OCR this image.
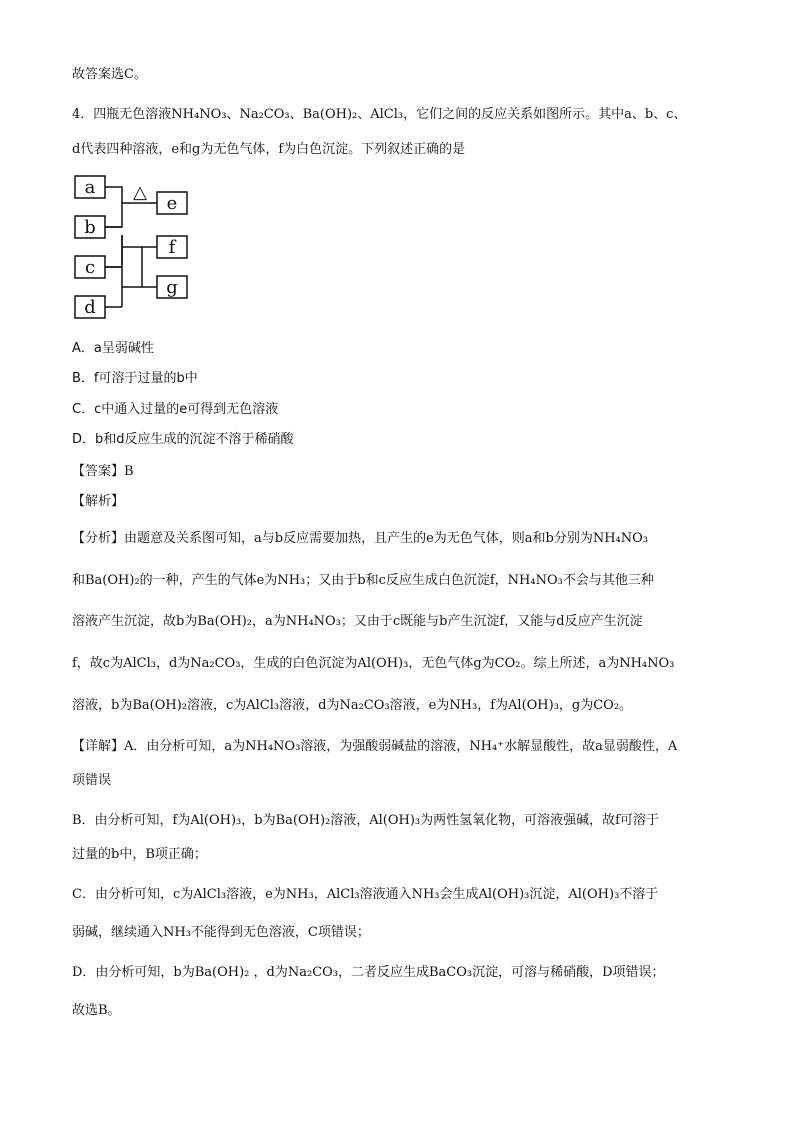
故答案选C。
4．四瓶无色溶液NH₄NO₃、Na₂CO₃、Ba(OH)₂、AlCl₃，它们之间的反应关系如图所示。其中a、b、c、
d代表四种溶液，e和g为无色气体，f为白色沉淀。下列叙述正确的是
a
b
c
d
e
f
g
△
A．a呈弱碱性
B．f可溶于过量的b中
C．c中通入过量的e可得到无色溶液
D．b和d反应生成的沉淀不溶于稀硝酸
【答案】B
【解析】
【分析】由题意及关系图可知，a与b反应需要加热，且产生的e为无色气体，则a和b分别为NH₄NO₃
和Ba(OH)₂的一种，产生的气体e为NH₃；又由于b和c反应生成白色沉淀f，NH₄NO₃不会与其他三种
溶液产生沉淀，故b为Ba(OH)₂，a为NH₄NO₃；又由于c既能与b产生沉淀f，又能与d反应产生沉淀
f，故c为AlCl₃，d为Na₂CO₃，生成的白色沉淀为Al(OH)₃，无色气体g为CO₂。综上所述，a为NH₄NO₃
溶液，b为Ba(OH)₂溶液，c为AlCl₃溶液，d为Na₂CO₃溶液，e为NH₃，f为Al(OH)₃，g为CO₂。
【详解】A．由分析可知，a为NH₄NO₃溶液，为强酸弱碱盐的溶液，NH₄⁺水解显酸性，故a显弱酸性，A
项错误
B．由分析可知，f为Al(OH)₃，b为Ba(OH)₂溶液，Al(OH)₃为两性氢氧化物，可溶液强碱，故f可溶于
过量的b中，B项正确；
C．由分析可知，c为AlCl₃溶液，e为NH₃，AlCl₃溶液通入NH₃会生成Al(OH)₃沉淀，Al(OH)₃不溶于
弱碱，继续通入NH₃不能得到无色溶液，C项错误；
D．由分析可知，b为Ba(OH)₂ ，d为Na₂CO₃，二者反应生成BaCO₃沉淀，可溶与稀硝酸，D项错误；
故选B。
